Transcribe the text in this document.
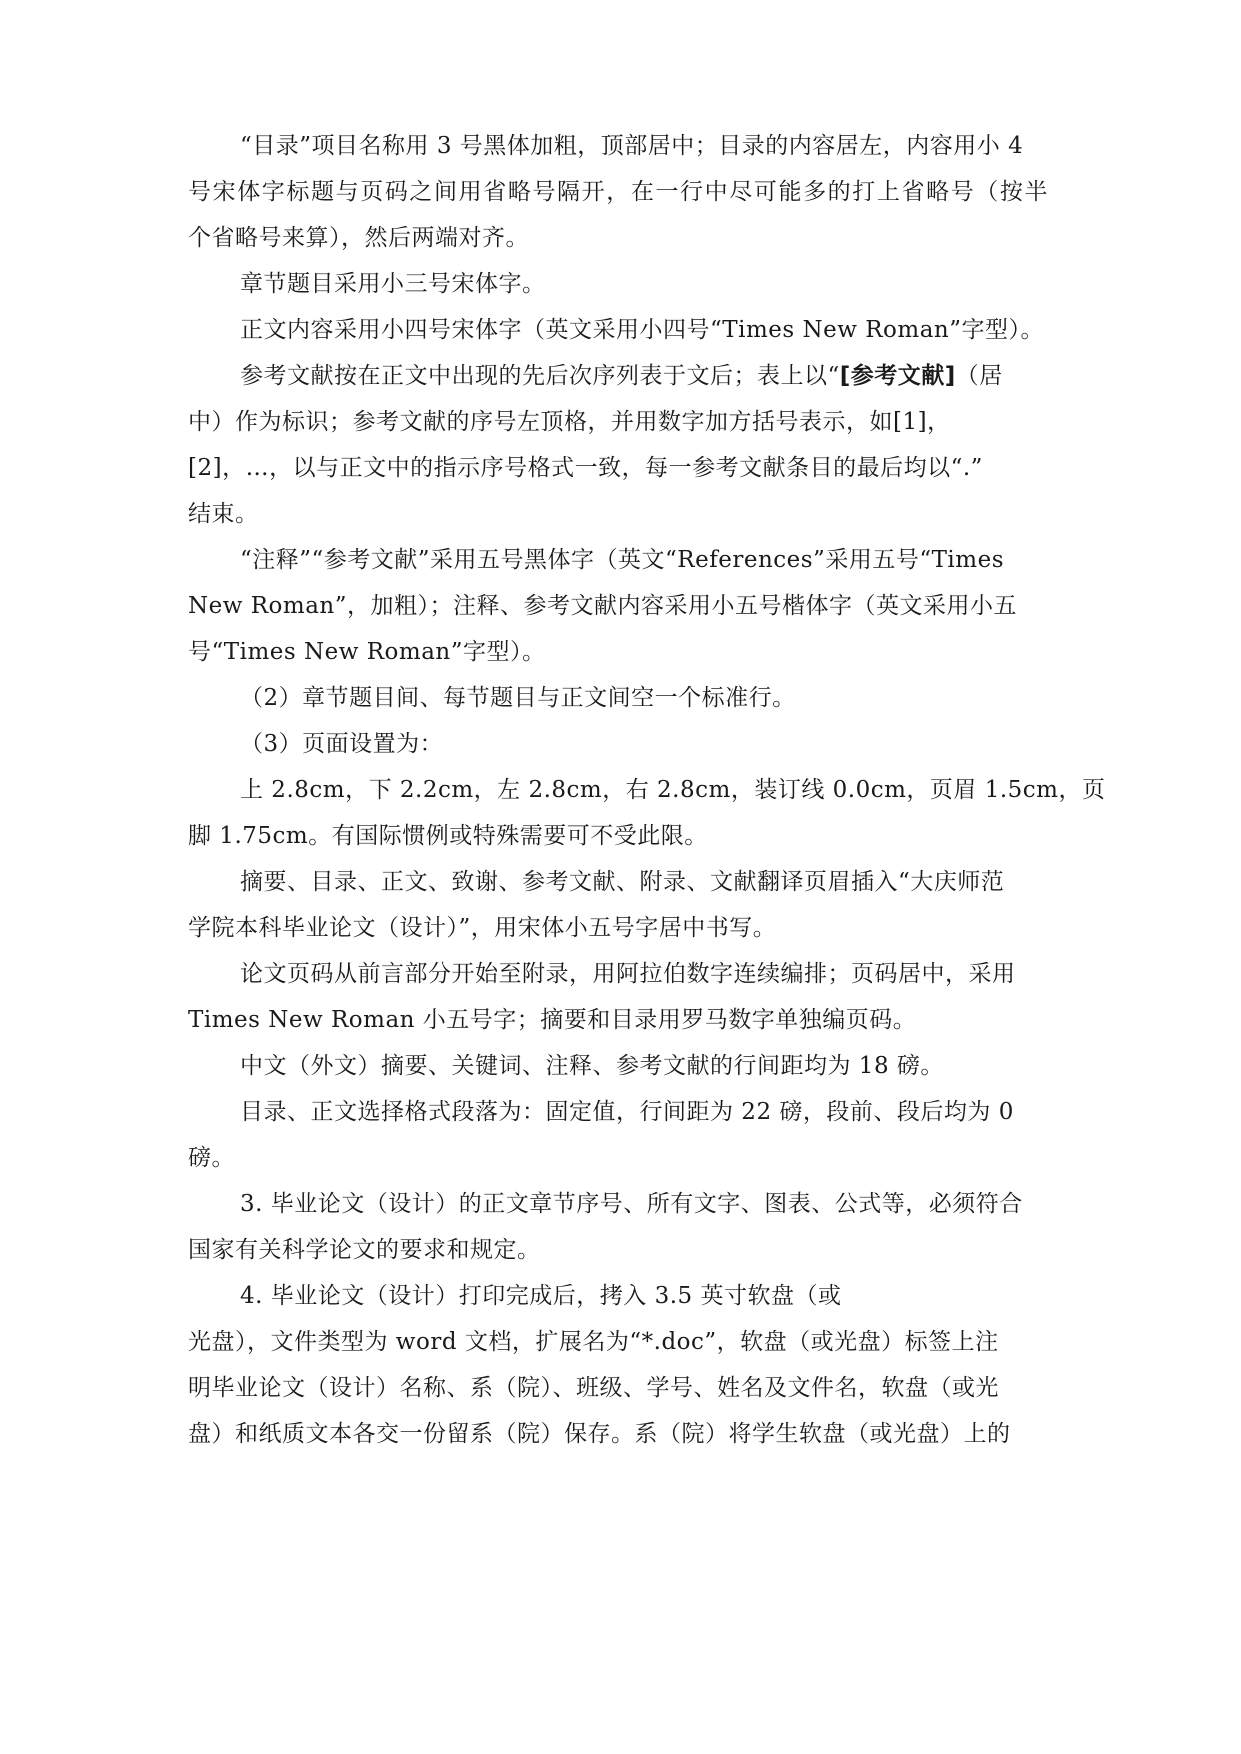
“目录”项目名称用 3 号黑体加粗，顶部居中；目录的内容居左，内容用小 4
号宋体字标题与页码之间用省略号隔开，在一行中尽可能多的打上省略号（按半
个省略号来算），然后两端对齐。
章节题目采用小三号宋体字。
正文内容采用小四号宋体字（英文采用小四号“Times New Roman”字型）。
参考文献按在正文中出现的先后次序列表于文后；表上以“[参考文献]（居
中）作为标识；参考文献的序号左顶格，并用数字加方括号表示，如[1]，
[2]，…，以与正文中的指示序号格式一致，每一参考文献条目的最后均以“.”
结束。
“注释”“参考文献”采用五号黑体字（英文“References”采用五号“Times
New Roman”，加粗）；注释、参考文献内容采用小五号楷体字（英文采用小五
号“Times New Roman”字型）。
（2）章节题目间、每节题目与正文间空一个标准行。
（3）页面设置为：
上 2.8cm，下 2.2cm，左 2.8cm，右 2.8cm，装订线 0.0cm，页眉 1.5cm，页
脚 1.75cm。有国际惯例或特殊需要可不受此限。
摘要、目录、正文、致谢、参考文献、附录、文献翻译页眉插入“大庆师范
学院本科毕业论文（设计）”，用宋体小五号字居中书写。
论文页码从前言部分开始至附录，用阿拉伯数字连续编排；页码居中，采用
Times New Roman 小五号字；摘要和目录用罗马数字单独编页码。
中文（外文）摘要、关键词、注释、参考文献的行间距均为 18 磅。
目录、正文选择格式段落为：固定值，行间距为 22 磅，段前、段后均为 0
磅。
3. 毕业论文（设计）的正文章节序号、所有文字、图表、公式等，必须符合
国家有关科学论文的要求和规定。
4. 毕业论文（设计）打印完成后，拷入 3.5 英寸软盘（或
光盘），文件类型为 word 文档，扩展名为“*.doc”，软盘（或光盘）标签上注
明毕业论文（设计）名称、系（院）、班级、学号、姓名及文件名，软盘（或光
盘）和纸质文本各交一份留系（院）保存。系（院）将学生软盘（或光盘）上的
